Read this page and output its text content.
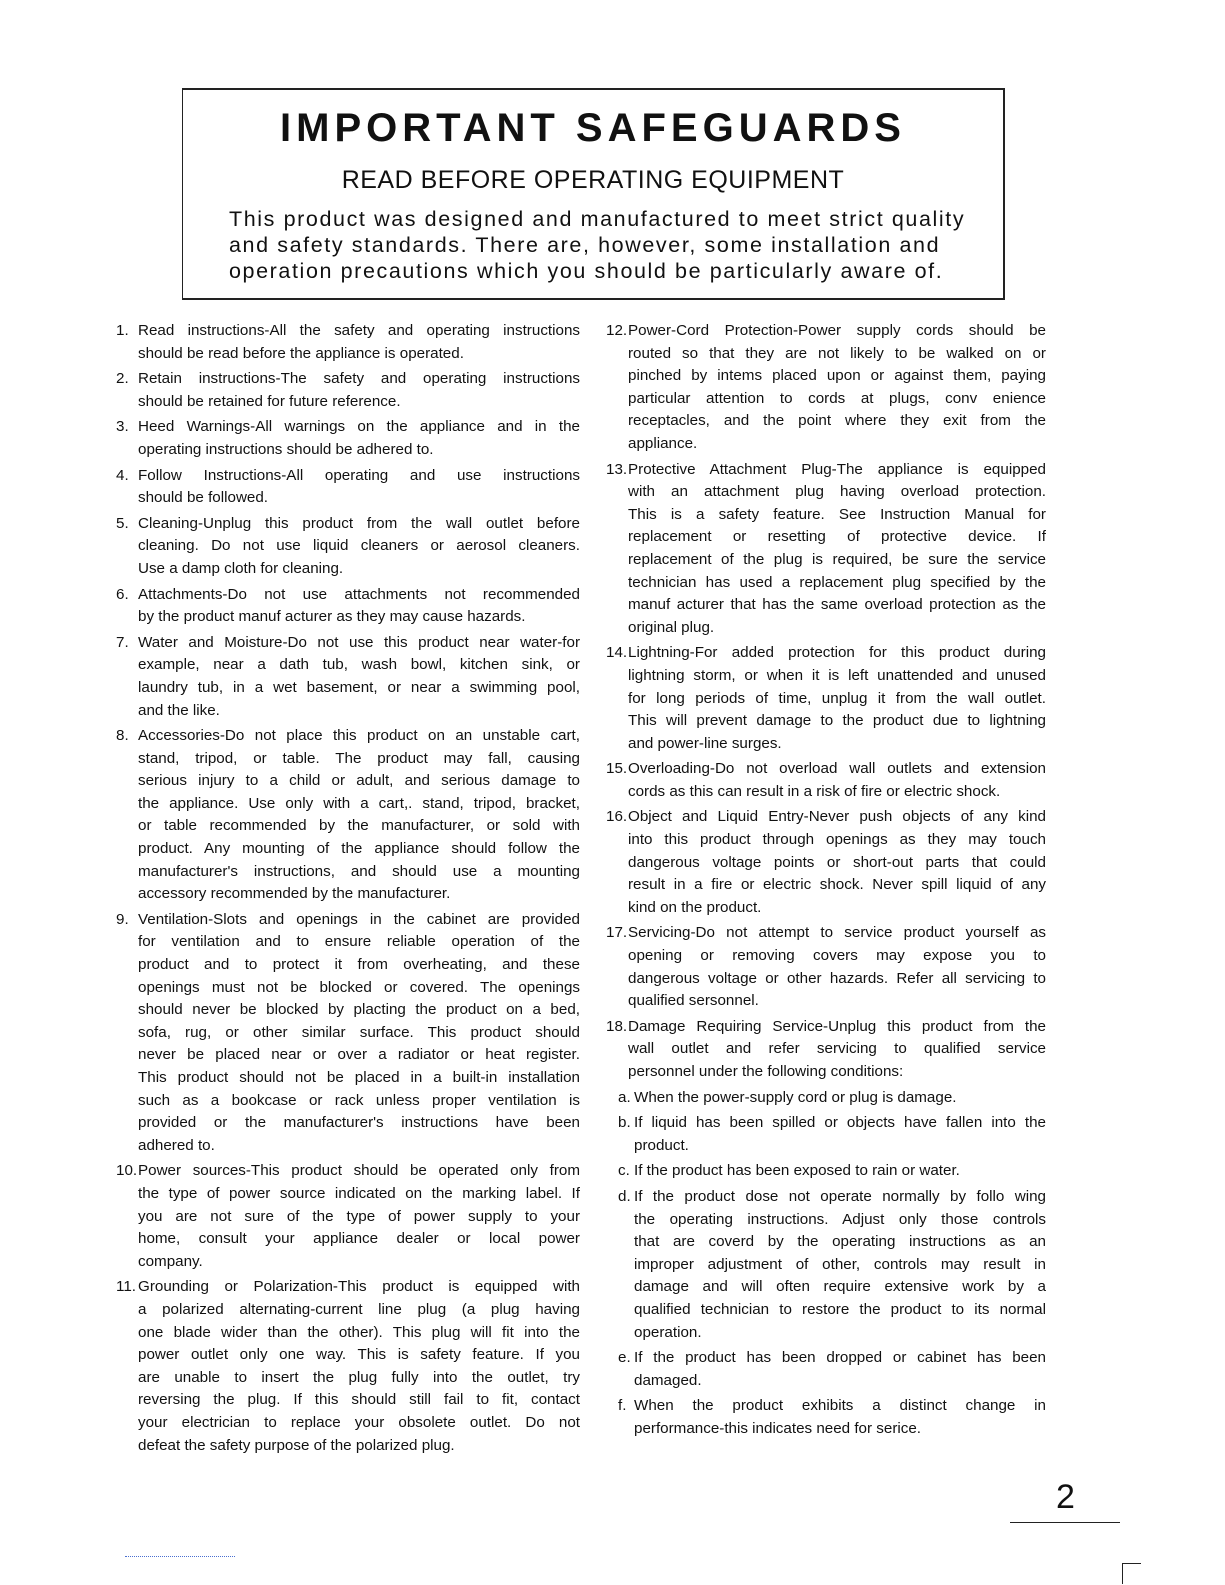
IMPORTANT SAFEGUARDS
READ BEFORE OPERATING EQUIPMENT
This product was designed and manufactured to meet strict quality
and safety standards. There are, however, some installation and
operation precautions which you should be particularly aware of.
1. Read instructions-All the safety and operating instructions
should be read before the appliance is operated.
2. Retain instructions-The safety and operating instructions
should be retained for future reference.
3. Heed Warnings-All warnings on the appliance and in the
operating instructions should be adhered to.
4. Follow Instructions-All operating and use instructions
should be followed.
5. Cleaning-Unplug this product from the wall outlet before
cleaning. Do not use liquid cleaners or aerosol cleaners.
Use a damp cloth for cleaning.
6. Attachments-Do not use attachments not recommended
by the product manuf acturer as they may cause hazards.
7. Water and Moisture-Do not use this product near water-for
example, near a dath tub, wash bowl, kitchen sink, or
laundry tub, in a wet basement, or near a swimming pool,
and the like.
8. Accessories-Do not place this product on an unstable cart,
stand, tripod, or table. The product may fall, causing
serious injury to a child or adult, and serious damage to
the appliance. Use only with a cart,. stand, tripod, bracket,
or table recommended by the manufacturer, or sold with
product. Any mounting of the appliance should follow the
manufacturer's instructions, and should use a mounting
accessory recommended by the manufacturer.
9. Ventilation-Slots and openings in the cabinet are provided
for ventilation and to ensure reliable operation of the
product and to protect it from overheating, and these
openings must not be blocked or covered. The openings
should never be blocked by placting the product on a bed,
sofa, rug, or other similar surface. This product should
never be placed near or over a radiator or heat register.
This product should not be placed in a built-in installation
such as a bookcase or rack unless proper ventilation is
provided or the manufacturer's instructions have been
adhered to.
10.Power sources-This product should be operated only from
the type of power source indicated on the marking label. If
you are not sure of the type of power supply to your
home, consult your appliance dealer or local power
company.
11. Grounding or Polarization-This product is equipped with
a polarized alternating-current line plug (a plug having
one blade wider than the other). This plug will fit into the
power outlet only one way. This is safety feature. If you
are unable to insert the plug fully into the outlet, try
reversing the plug. If this should still fail to fit, contact
your electrician to replace your obsolete outlet. Do not
defeat the safety purpose of the polarized plug.
12.Power-Cord Protection-Power supply cords should be
routed so that they are not likely to be walked on or
pinched by intems placed upon or against them, paying
particular attention to cords at plugs, conv enience
receptacles, and the point where they exit from the
appliance.
13.Protective Attachment Plug-The appliance is equipped
with an attachment plug having overload protection.
This is a safety feature. See Instruction Manual for
replacement or resetting of protective device. If
replacement of the plug is required, be sure the service
technician has used a replacement plug specified by the
manuf acturer that has the same overload protection as the
original plug.
14.Lightning-For added protection for this product during
lightning storm, or when it is left unattended and unused
for long periods of time, unplug it from the wall outlet.
This will prevent damage to the product due to lightning
and power-line surges.
15.Overloading-Do not overload wall outlets and extension
cords as this can result in a risk of fire or electric shock.
16.Object and Liquid Entry-Never push objects of any kind
into this product through openings as they may touch
dangerous voltage points or short-out parts that could
result in a fire or electric shock. Never spill liquid of any
kind on the product.
17.Servicing-Do not attempt to service product yourself as
opening or removing covers may expose you to
dangerous voltage or other hazards. Refer all servicing to
qualified sersonnel.
18.Damage Requiring Service-Unplug this product from the
wall outlet and refer servicing to qualified service
personnel under the following conditions:
a. When the power-supply cord or plug is damage.
b. If liquid has been spilled or objects have fallen into the
product.
c. If the product has been exposed to rain or water.
d. If the product dose not operate normally by follo wing
the operating instructions. Adjust only those controls
that are coverd by the operating instructions as an
improper adjustment of other, controls may result in
damage and will often require extensive work by a
qualified technician to restore the product to its normal
operation.
e. If the product has been dropped or cabinet has been
damaged.
f. When the product exhibits a distinct change in
performance-this indicates need for serice.
2
